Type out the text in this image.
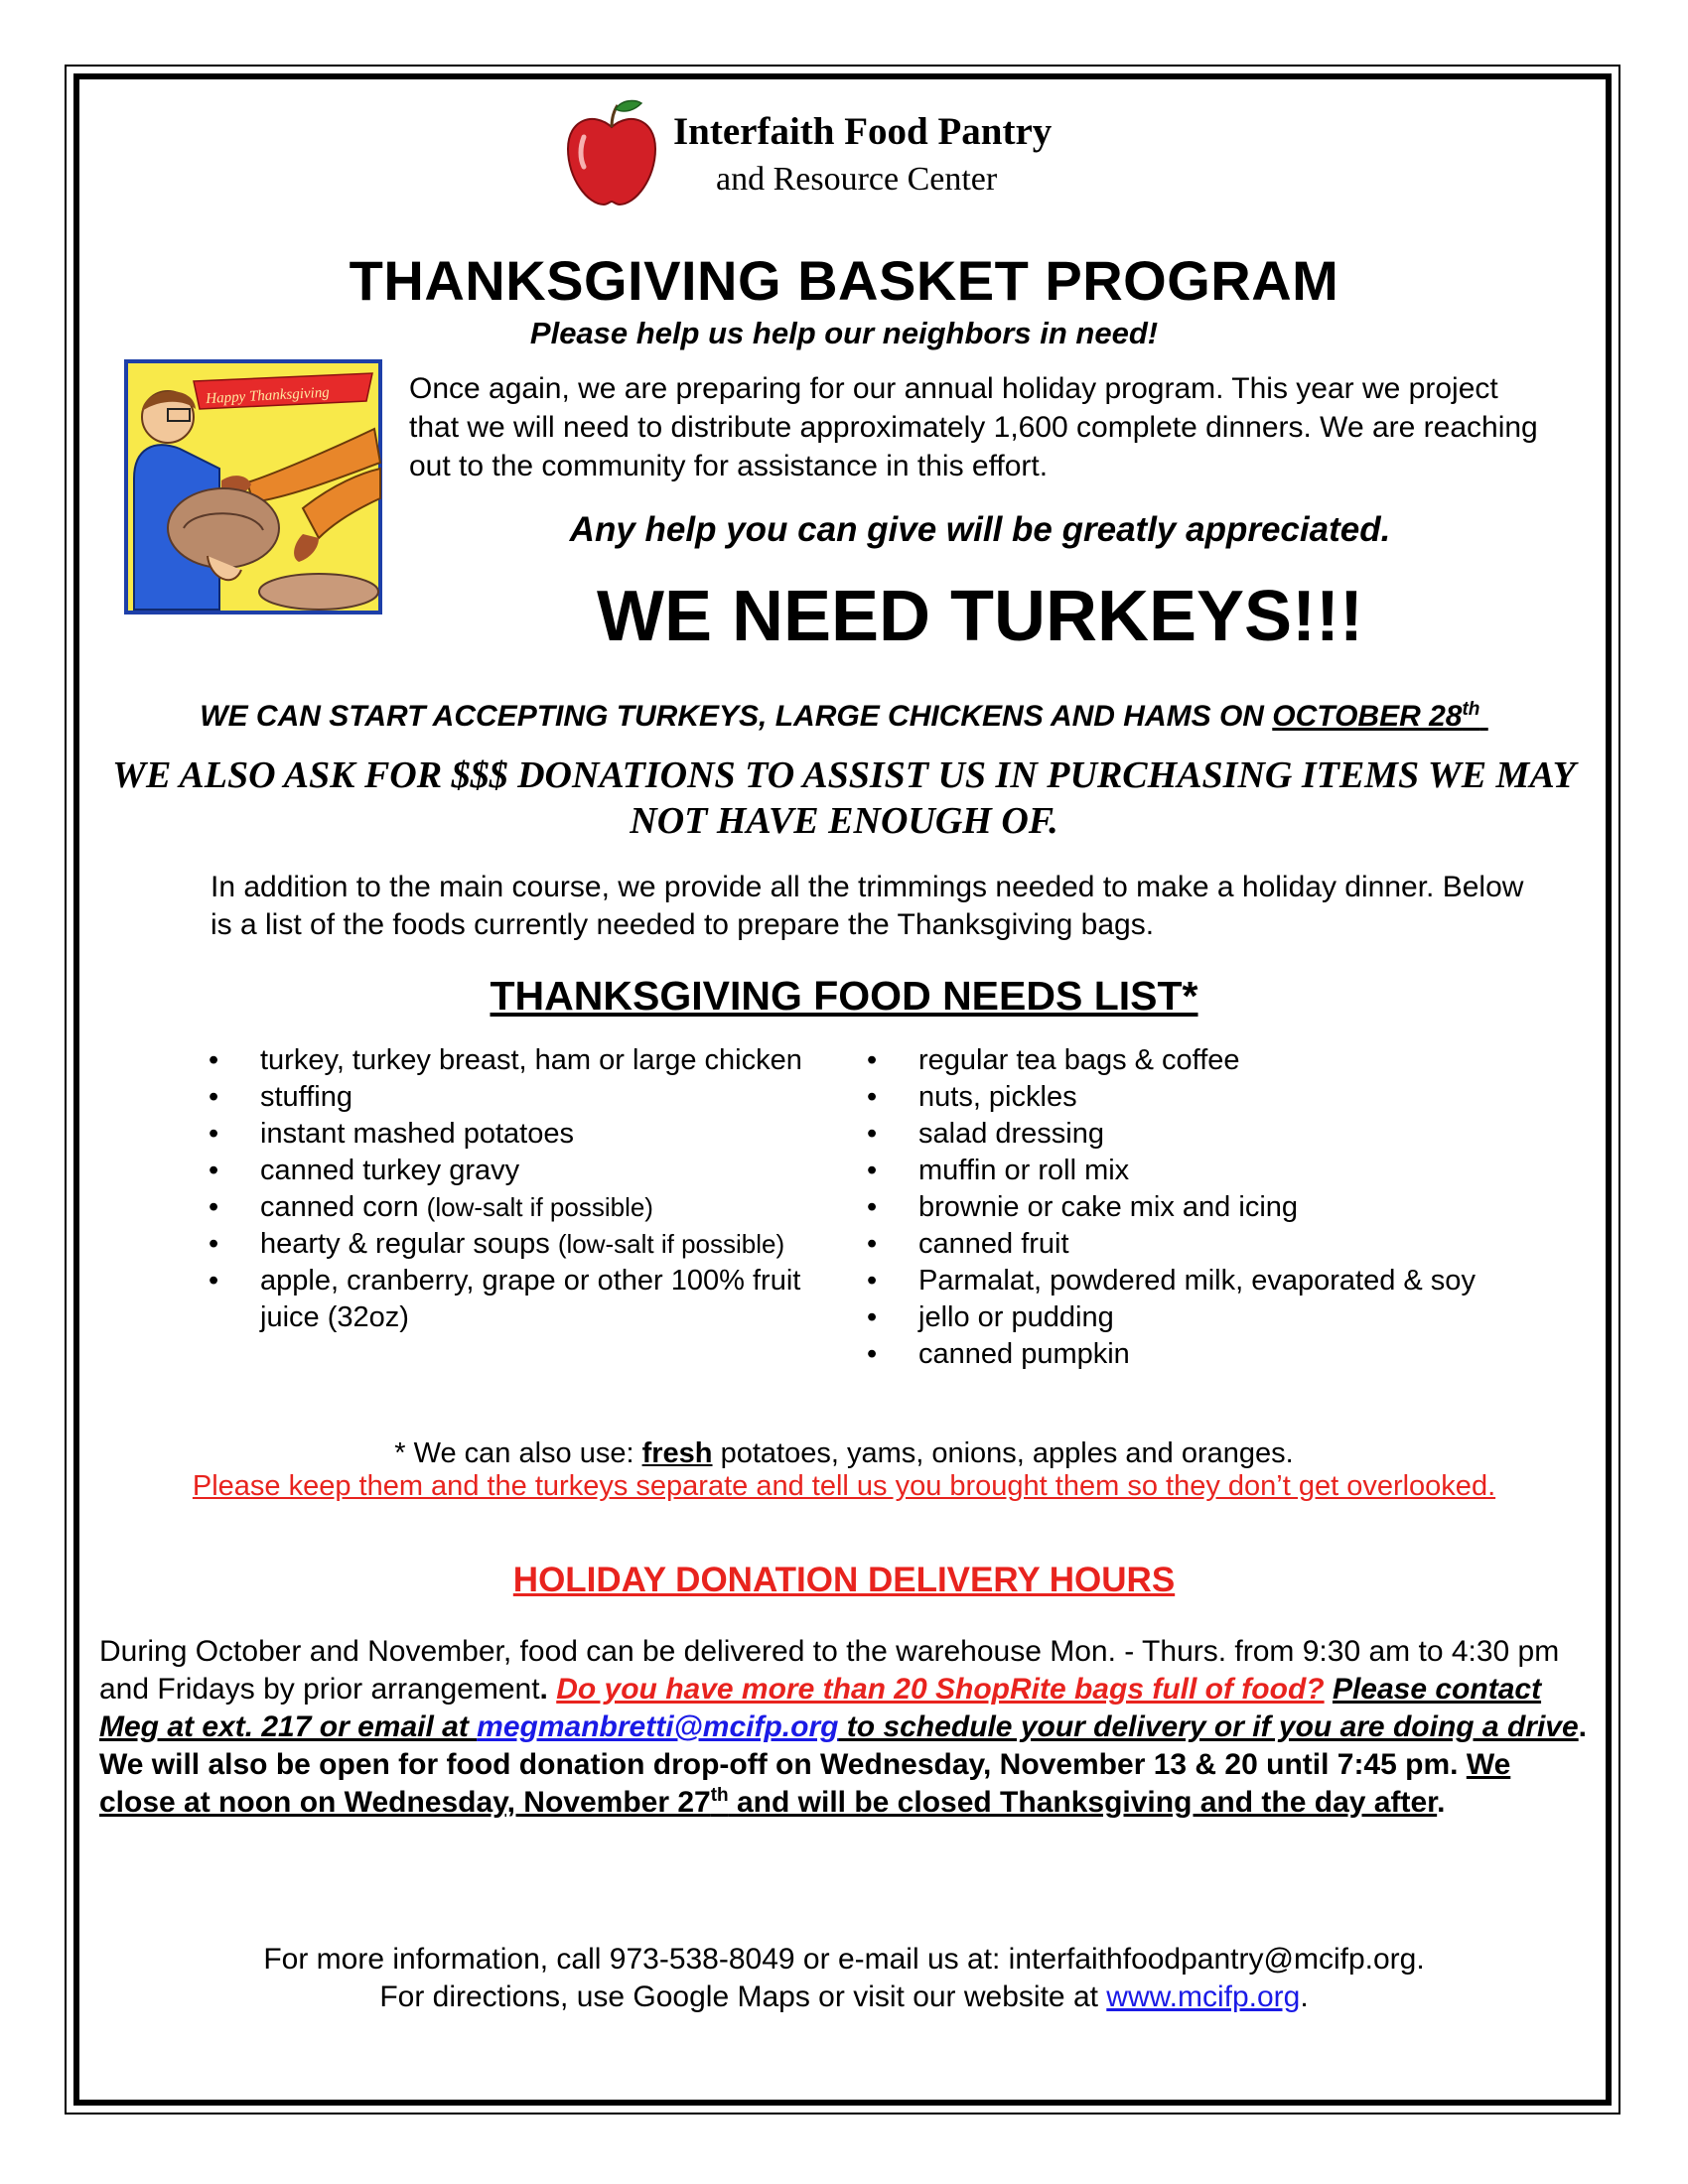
Interfaith Food Pantry
and Resource Center
THANKSGIVING BASKET PROGRAM
Please help us help our neighbors in need!
Happy Thanksgiving	Once again, we are preparing for our annual holiday program. This year we project that we will need to distribute approximately 1,600 complete dinners. We are reaching out to the community for assistance in this effort.
Any help you can give will be greatly appreciated.
WE NEED TURKEYS!!!
WE CAN START ACCEPTING TURKEYS, LARGE CHICKENS AND HAMS ON OCTOBER 28th
WE ALSO ASK FOR $$$ DONATIONS TO ASSIST US IN PURCHASING ITEMS WE MAY NOT HAVE ENOUGH OF.
In addition to the main course, we provide all the trimmings needed to make a holiday dinner. Below is a list of the foods currently needed to prepare the Thanksgiving bags.
THANKSGIVING FOOD NEEDS LIST*
• turkey, turkey breast, ham or large chicken
• stuffing
• instant mashed potatoes
• canned turkey gravy
• canned corn (low-salt if possible)
• hearty & regular soups (low-salt if possible)
• apple, cranberry, grape or other 100% fruit juice (32oz)
• regular tea bags & coffee
• nuts, pickles
• salad dressing
• muffin or roll mix
• brownie or cake mix and icing
• canned fruit
• Parmalat, powdered milk, evaporated & soy
• jello or pudding
• canned pumpkin
* We can also use: fresh potatoes, yams, onions, apples and oranges.
Please keep them and the turkeys separate and tell us you brought them so they don’t get overlooked.
HOLIDAY DONATION DELIVERY HOURS
During October and November, food can be delivered to the warehouse Mon. - Thurs. from 9:30 am to 4:30 pm and Fridays by prior arrangement. Do you have more than 20 ShopRite bags full of food? Please contact Meg at ext. 217 or email at megmanbretti@mcifp.org to schedule your delivery or if you are doing a drive. We will also be open for food donation drop-off on Wednesday, November 13 & 20 until 7:45 pm. We close at noon on Wednesday, November 27th and will be closed Thanksgiving and the day after.
For more information, call 973-538-8049 or e-mail us at: interfaithfoodpantry@mcifp.org.
For directions, use Google Maps or visit our website at www.mcifp.org.
